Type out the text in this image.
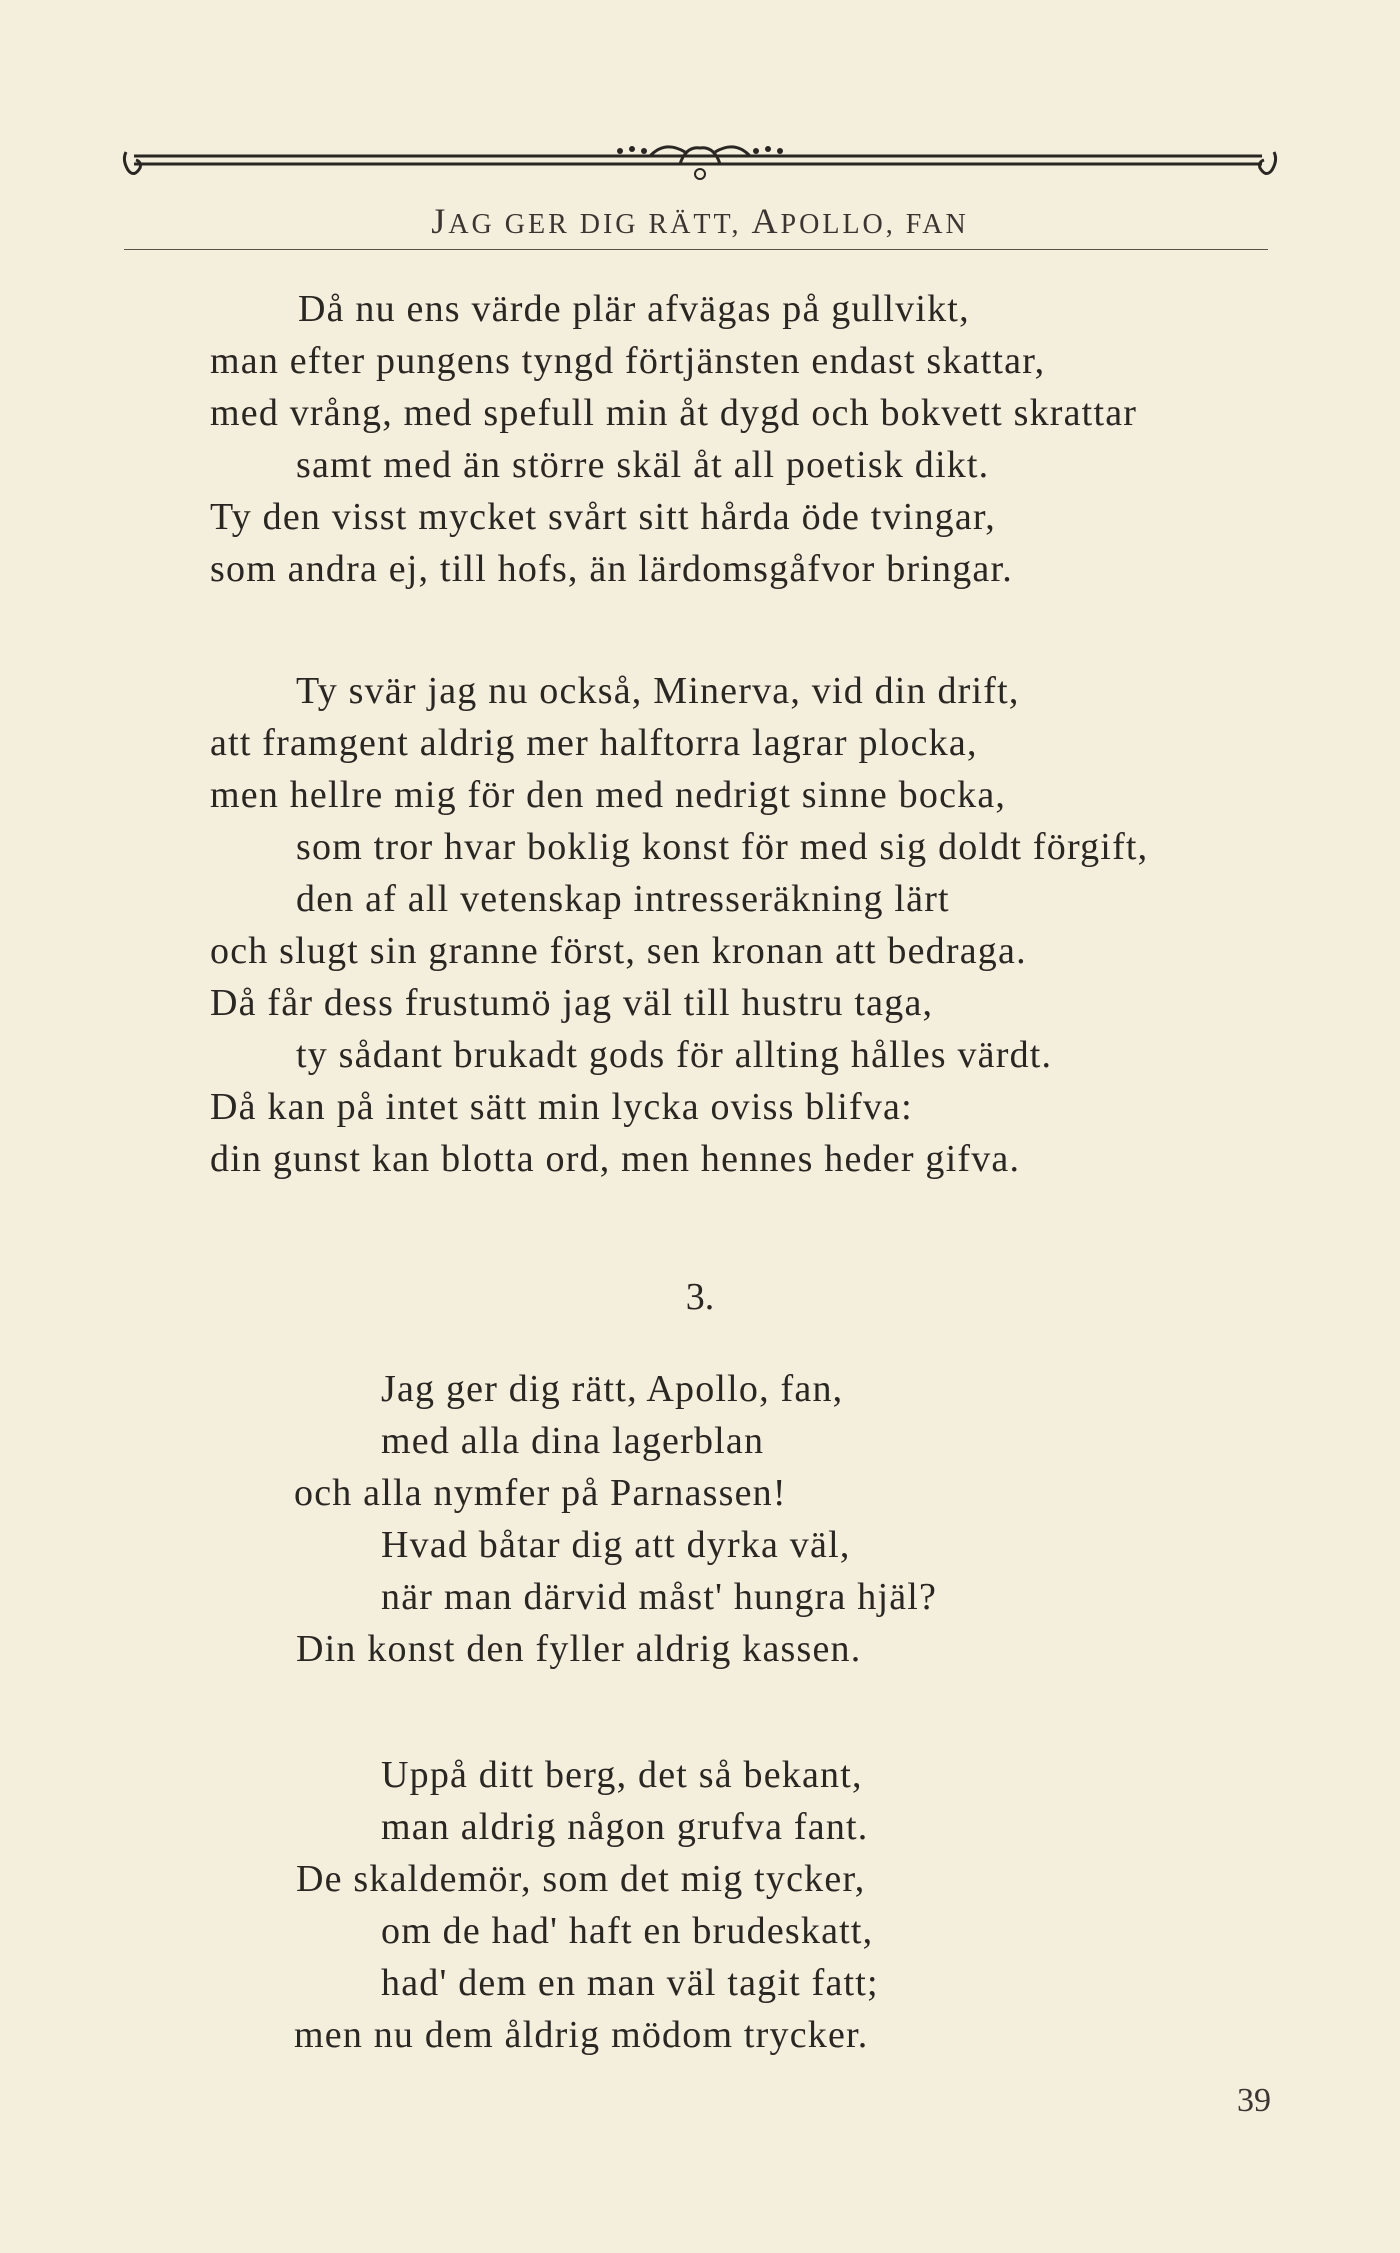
JAG GER DIG RÄTT, APOLLO, FAN
Då nu ens värde plär afvägas på gullvikt,
man efter pungens tyngd förtjänsten endast skattar,
med vrång, med spefull min åt dygd och bokvett skrattar
samt med än större skäl åt all poetisk dikt.
Ty den visst mycket svårt sitt hårda öde tvingar,
som andra ej, till hofs, än lärdomsgåfvor bringar.
Ty svär jag nu också, Minerva, vid din drift,
att framgent aldrig mer halftorra lagrar plocka,
men hellre mig för den med nedrigt sinne bocka,
som tror hvar boklig konst för med sig doldt förgift,
den af all vetenskap intresseräkning lärt
och slugt sin granne först, sen kronan att bedraga.
Då får dess frustumö jag väl till hustru taga,
ty sådant brukadt gods för allting hålles värdt.
Då kan på intet sätt min lycka oviss blifva:
din gunst kan blotta ord, men hennes heder gifva.
3.
Jag ger dig rätt, Apollo, fan,
med alla dina lagerblan
och alla nymfer på Parnassen!
Hvad båtar dig att dyrka väl,
när man därvid måst' hungra hjäl?
Din konst den fyller aldrig kassen.
Uppå ditt berg, det så bekant,
man aldrig någon grufva fant.
De skaldemör, som det mig tycker,
om de had' haft en brudeskatt,
had' dem en man väl tagit fatt;
men nu dem åldrig mödom trycker.
39
